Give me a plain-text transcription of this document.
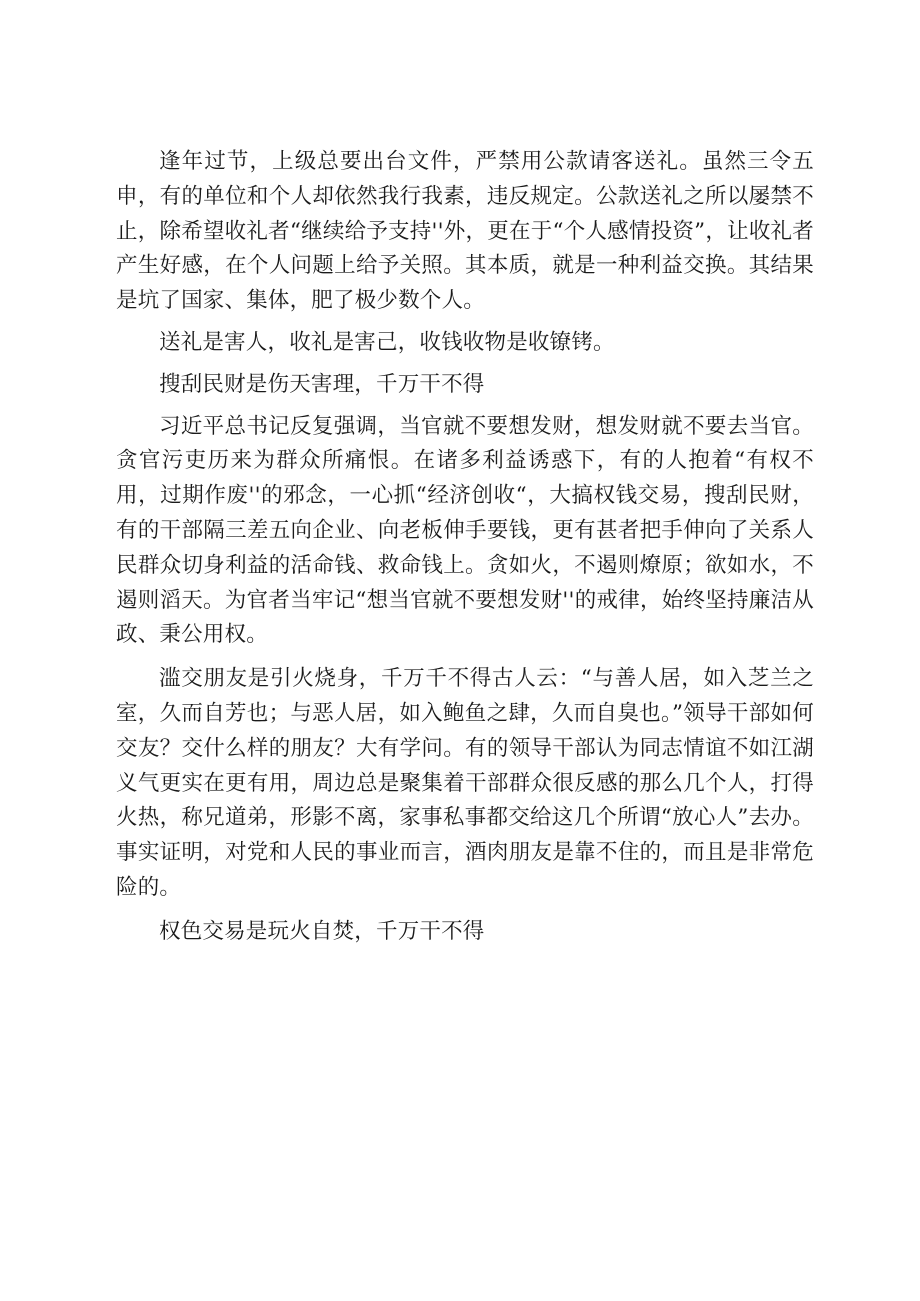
逢年过节，上级总要出台文件，严禁用公款请客送礼。虽然三令五申，有的单位和个人却依然我行我素，违反规定。公款送礼之所以屡禁不止，除希望收礼者“继续给予支持''外，更在于“个人感情投资”，让收礼者产生好感，在个人问题上给予关照。其本质，就是一种利益交换。其结果是坑了国家、集体，肥了极少数个人。

送礼是害人，收礼是害己，收钱收物是收镣铐。

搜刮民财是伤天害理，千万干不得

习近平总书记反复强调，当官就不要想发财，想发财就不要去当官。贪官污吏历来为群众所痛恨。在诸多利益诱惑下，有的人抱着“有权不用，过期作废''的邪念，一心抓“经济创收“，大搞权钱交易，搜刮民财，有的干部隔三差五向企业、向老板伸手要钱，更有甚者把手伸向了关系人民群众切身利益的活命钱、救命钱上。贪如火，不遏则燎原；欲如水，不遏则滔天。为官者当牢记“想当官就不要想发财''的戒律，始终坚持廉洁从政、秉公用权。

滥交朋友是引火烧身，千万千不得古人云：“与善人居，如入芝兰之室，久而自芳也；与恶人居，如入鲍鱼之肆，久而自臭也。”领导干部如何交友？交什么样的朋友？大有学问。有的领导干部认为同志情谊不如江湖义气更实在更有用，周边总是聚集着干部群众很反感的那么几个人，打得火热，称兄道弟，形影不离，家事私事都交给这几个所谓“放心人”去办。事实证明，对党和人民的事业而言，酒肉朋友是靠不住的，而且是非常危险的。

权色交易是玩火自焚，千万干不得
